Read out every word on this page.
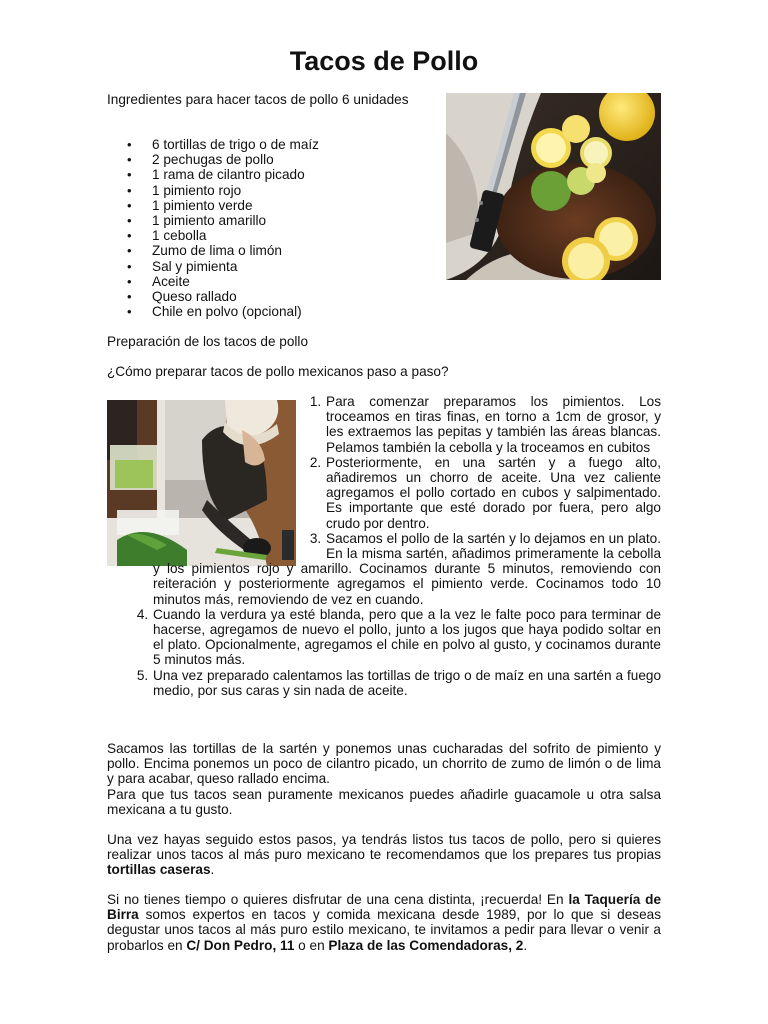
Tacos de Pollo

Ingredientes para hacer tacos de pollo 6 unidades

• 6 tortillas de trigo o de maíz
• 2 pechugas de pollo
• 1 rama de cilantro picado
• 1 pimiento rojo
• 1 pimiento verde
• 1 pimiento amarillo
• 1 cebolla
• Zumo de lima o limón
• Sal y pimienta
• Aceite
• Queso rallado
• Chile en polvo (opcional)

Preparación de los tacos de pollo

¿Cómo preparar tacos de pollo mexicanos paso a paso?

1. Para comenzar preparamos los pimientos. Los troceamos en tiras finas, en torno a 1cm de grosor, y les extraemos las pepitas y también las áreas blancas. Pelamos también la cebolla y la troceamos en cubitos
2. Posteriormente, en una sartén y a fuego alto, añadiremos un chorro de aceite. Una vez caliente agregamos el pollo cortado en cubos y salpimentado. Es importante que esté dorado por fuera, pero algo crudo por dentro.
3. Sacamos el pollo de la sartén y lo dejamos en un plato. En la misma sartén, añadimos primeramente la cebolla y los pimientos rojo y amarillo. Cocinamos durante 5 minutos, removiendo con reiteración y posteriormente agregamos el pimiento verde. Cocinamos todo 10 minutos más, removiendo de vez en cuando.
4. Cuando la verdura ya esté blanda, pero que a la vez le falte poco para terminar de hacerse, agregamos de nuevo el pollo, junto a los jugos que haya podido soltar en el plato. Opcionalmente, agregamos el chile en polvo al gusto, y cocinamos durante 5 minutos más.
5. Una vez preparado calentamos las tortillas de trigo o de maíz en una sartén a fuego medio, por sus caras y sin nada de aceite.

Sacamos las tortillas de la sartén y ponemos unas cucharadas del sofrito de pimiento y pollo. Encima ponemos un poco de cilantro picado, un chorrito de zumo de limón o de lima y para acabar, queso rallado encima.

Para que tus tacos sean puramente mexicanos puedes añadirle guacamole u otra salsa mexicana a tu gusto.

Una vez hayas seguido estos pasos, ya tendrás listos tus tacos de pollo, pero si quieres realizar unos tacos al más puro mexicano te recomendamos que los prepares tus propias tortillas caseras.

Si no tienes tiempo o quieres disfrutar de una cena distinta, ¡recuerda! En la Taquería de Birra somos expertos en tacos y comida mexicana desde 1989, por lo que si deseas degustar unos tacos al más puro estilo mexicano, te invitamos a pedir para llevar o venir a probarlos en C/ Don Pedro, 11 o en Plaza de las Comendadoras, 2.
